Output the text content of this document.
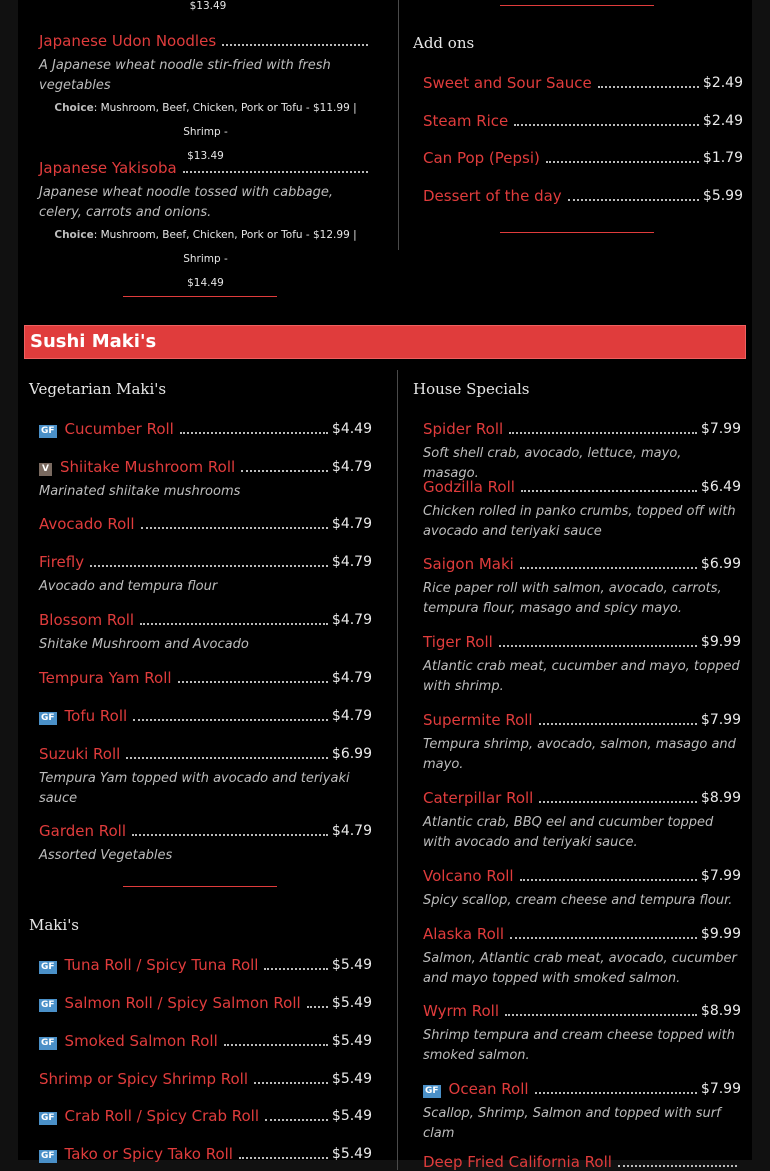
$13.49
Japanese Udon Noodles
A Japanese wheat noodle stir-fried with fresh vegetables
Choice: Mushroom, Beef, Chicken, Pork or Tofu - $11.99 | Shrimp -
$13.49
Japanese Yakisoba
Japanese wheat noodle tossed with cabbage, celery, carrots and onions.
Choice: Mushroom, Beef, Chicken, Pork or Tofu - $12.99 | Shrimp -
$14.49
Add ons
Sweet and Sour Sauce	$2.49
Steam Rice	$2.49
Can Pop (Pepsi)	$1.79
Dessert of the day	$5.99
Sushi Maki's
Vegetarian Maki's
GF Cucumber Roll	$4.49
V Shiitake Mushroom Roll	$4.79
Marinated shiitake mushrooms
Avocado Roll	$4.79
Firefly	$4.79
Avocado and tempura flour
Blossom Roll	$4.79
Shitake Mushroom and Avocado
Tempura Yam Roll	$4.79
GF Tofu Roll	$4.79
Suzuki Roll	$6.99
Tempura Yam topped with avocado and teriyaki sauce
Garden Roll	$4.79
Assorted Vegetables
Maki's
GF Tuna Roll / Spicy Tuna Roll	$5.49
GF Salmon Roll / Spicy Salmon Roll $5.49
GF Smoked Salmon Roll	$5.49
Shrimp or Spicy Shrimp Roll	$5.49
GF Crab Roll / Spicy Crab Roll	$5.49
GF Tako or Spicy Tako Roll	$5.49
House Specials
Spider Roll	$7.99
Soft shell crab, avocado, lettuce, mayo, masago.
Godzilla Roll	$6.49
Chicken rolled in panko crumbs, topped off with avocado and teriyaki sauce
Saigon Maki	$6.99
Rice paper roll with salmon, avocado, carrots, tempura flour, masago and spicy mayo.
Tiger Roll	$9.99
Atlantic crab meat, cucumber and mayo, topped with shrimp.
Supermite Roll	$7.99
Tempura shrimp, avocado, salmon, masago and mayo.
Caterpillar Roll	$8.99
Atlantic crab, BBQ eel and cucumber topped with avocado and teriyaki sauce.
Volcano Roll	$7.99
Spicy scallop, cream cheese and tempura flour.
Alaska Roll	$9.99
Salmon, Atlantic crab meat, avocado, cucumber and mayo topped with smoked salmon.
Wyrm Roll	$8.99
Shrimp tempura and cream cheese topped with smoked salmon.
GF Ocean Roll	$7.99
Scallop, Shrimp, Salmon and topped with surf clam
Deep Fried California Roll
